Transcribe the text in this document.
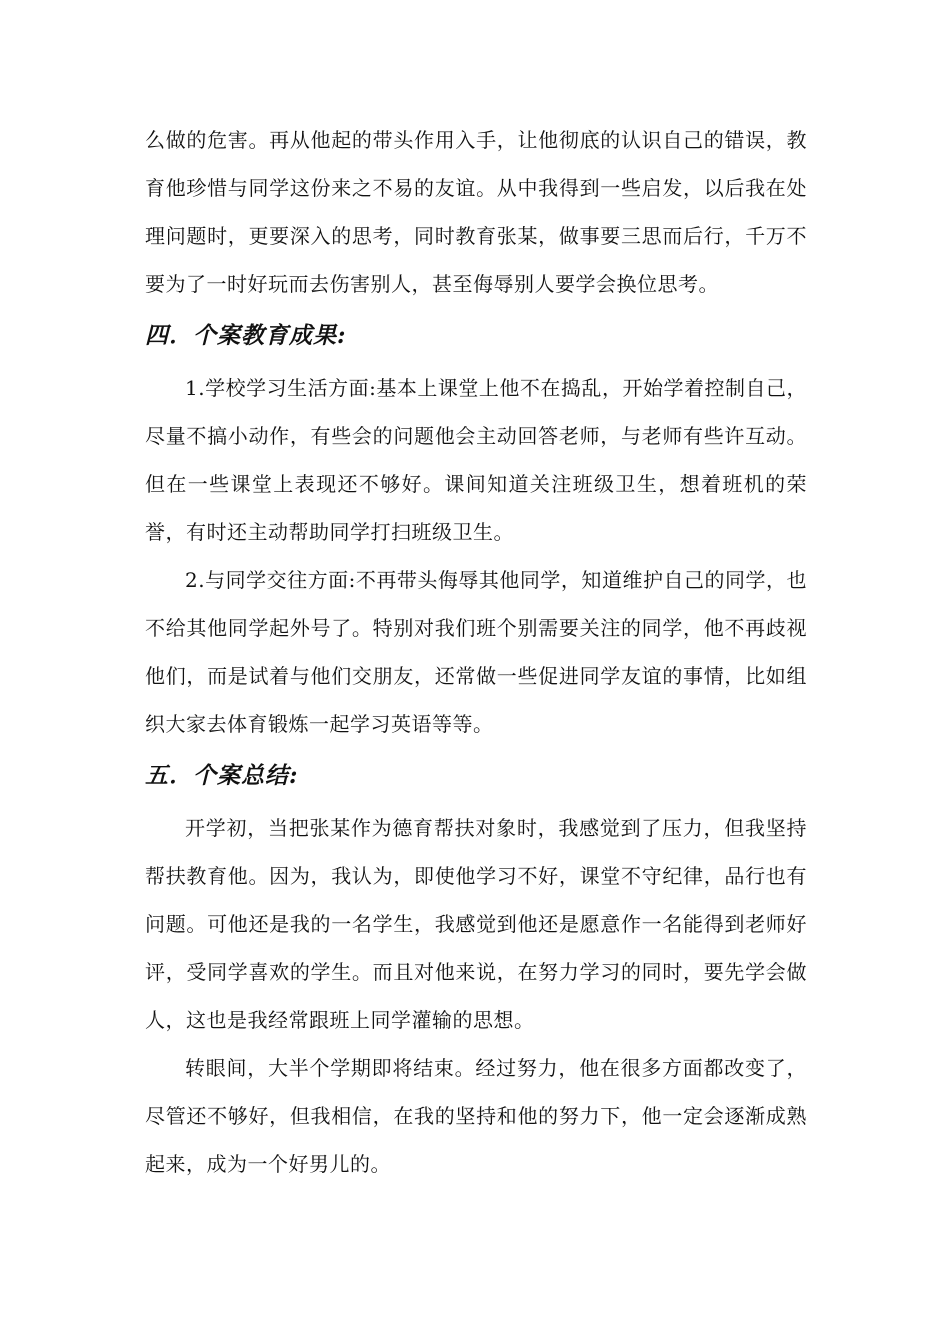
么做的危害。再从他起的带头作用入手，让他彻底的认识自己的错误，教育他珍惜与同学这份来之不易的友谊。从中我得到一些启发，以后我在处理问题时，更要深入的思考，同时教育张某，做事要三思而后行，千万不要为了一时好玩而去伤害别人，甚至侮辱别人要学会换位思考。

四．个案教育成果:

1.学校学习生活方面:基本上课堂上他不在捣乱，开始学着控制自己，尽量不搞小动作，有些会的问题他会主动回答老师，与老师有些许互动。但在一些课堂上表现还不够好。课间知道关注班级卫生，想着班机的荣誉，有时还主动帮助同学打扫班级卫生。

2.与同学交往方面:不再带头侮辱其他同学，知道维护自己的同学，也不给其他同学起外号了。特别对我们班个别需要关注的同学，他不再歧视他们，而是试着与他们交朋友，还常做一些促进同学友谊的事情，比如组织大家去体育锻炼一起学习英语等等。

五．个案总结:

开学初，当把张某作为德育帮扶对象时，我感觉到了压力，但我坚持帮扶教育他。因为，我认为，即使他学习不好，课堂不守纪律，品行也有问题。可他还是我的一名学生，我感觉到他还是愿意作一名能得到老师好评，受同学喜欢的学生。而且对他来说，在努力学习的同时，要先学会做人，这也是我经常跟班上同学灌输的思想。

转眼间，大半个学期即将结束。经过努力，他在很多方面都改变了，尽管还不够好，但我相信，在我的坚持和他的努力下，他一定会逐渐成熟起来，成为一个好男儿的。
